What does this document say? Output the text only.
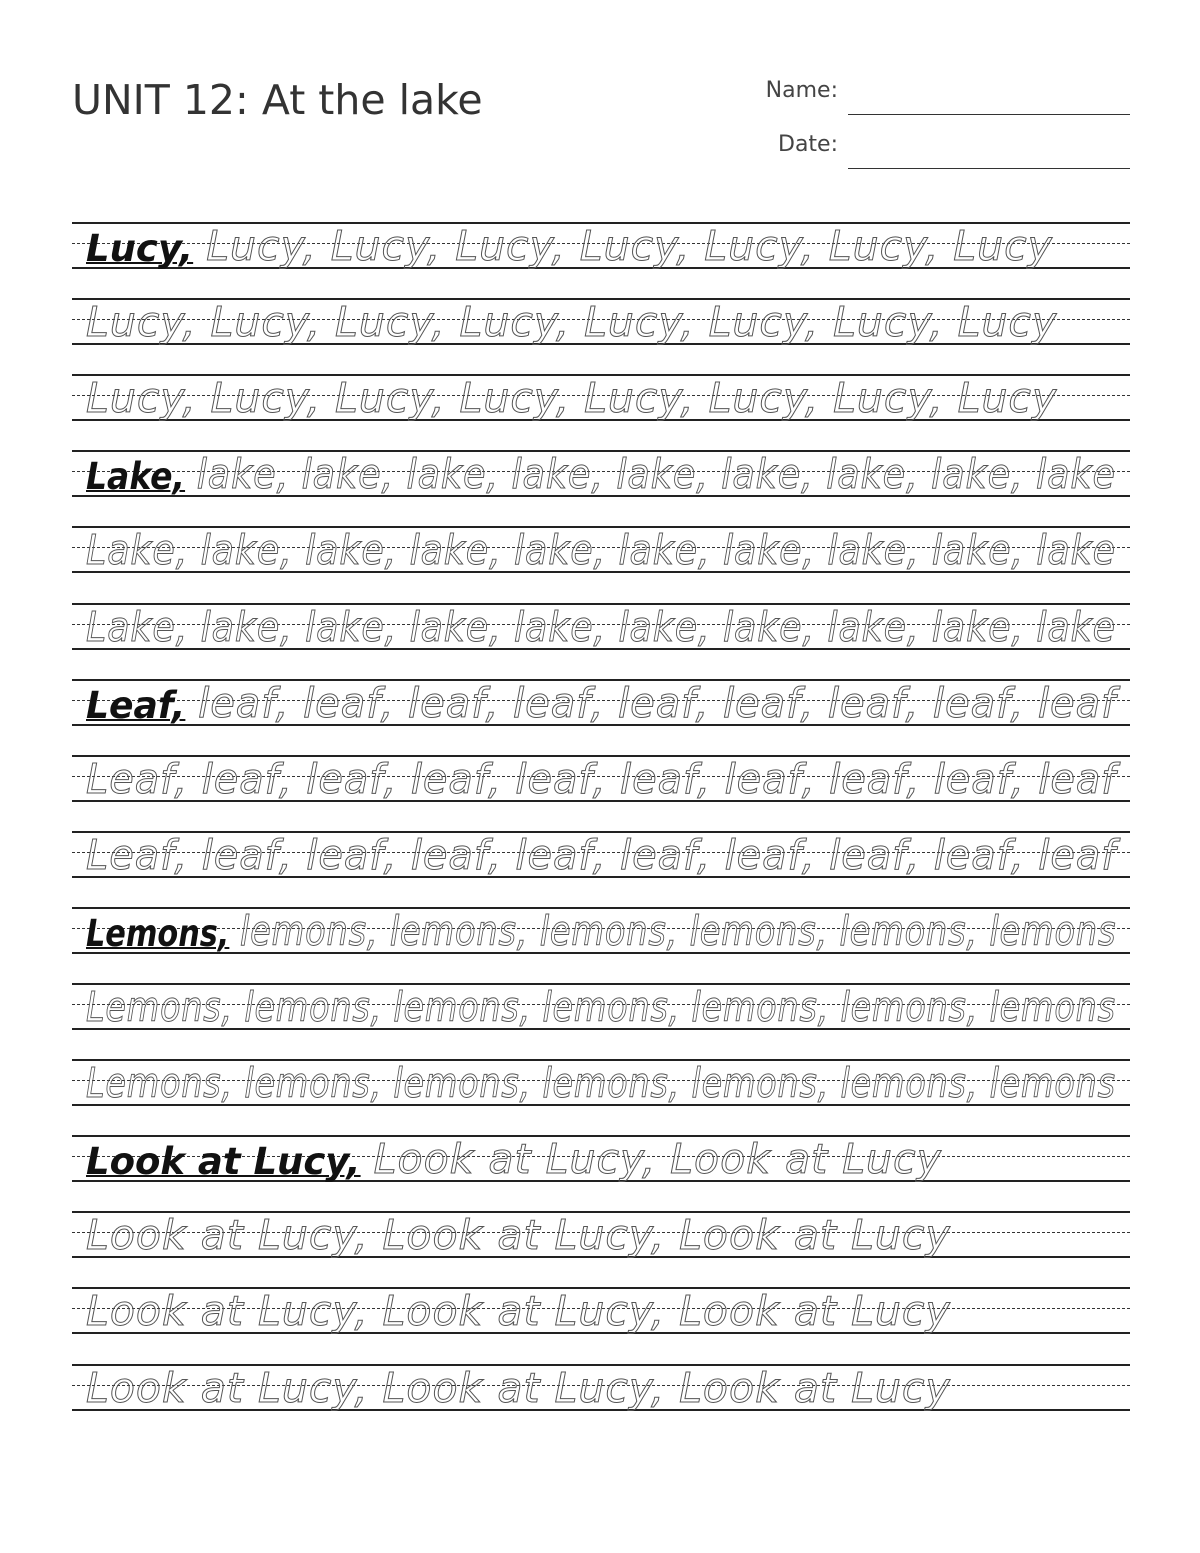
UNIT 12: At the lake	Name:
Date:
Lucy, Lucy, Lucy, Lucy, Lucy, Lucy, Lucy, Lucy
Lucy, Lucy, Lucy, Lucy, Lucy, Lucy, Lucy, Lucy
Lucy, Lucy, Lucy, Lucy, Lucy, Lucy, Lucy, Lucy
Lake, lake, lake, lake, lake, lake, lake, lake, lake, lake
Lake, lake, lake, lake, lake, lake, lake, lake, lake, lake
Lake, lake, lake, lake, lake, lake, lake, lake, lake, lake
Leaf, leaf, leaf, leaf, leaf, leaf, leaf, leaf, leaf, leaf
Leaf, leaf, leaf, leaf, leaf, leaf, leaf, leaf, leaf, leaf
Leaf, leaf, leaf, leaf, leaf, leaf, leaf, leaf, leaf, leaf
Lemons, lemons, lemons, lemons, lemons, lemons, lemons
Lemons, lemons, lemons, lemons, lemons, lemons, lemons
Lemons, lemons, lemons, lemons, lemons, lemons, lemons
Look at Lucy, Look at Lucy, Look at Lucy
Look at Lucy, Look at Lucy, Look at Lucy
Look at Lucy, Look at Lucy, Look at Lucy
Look at Lucy, Look at Lucy, Look at Lucy
